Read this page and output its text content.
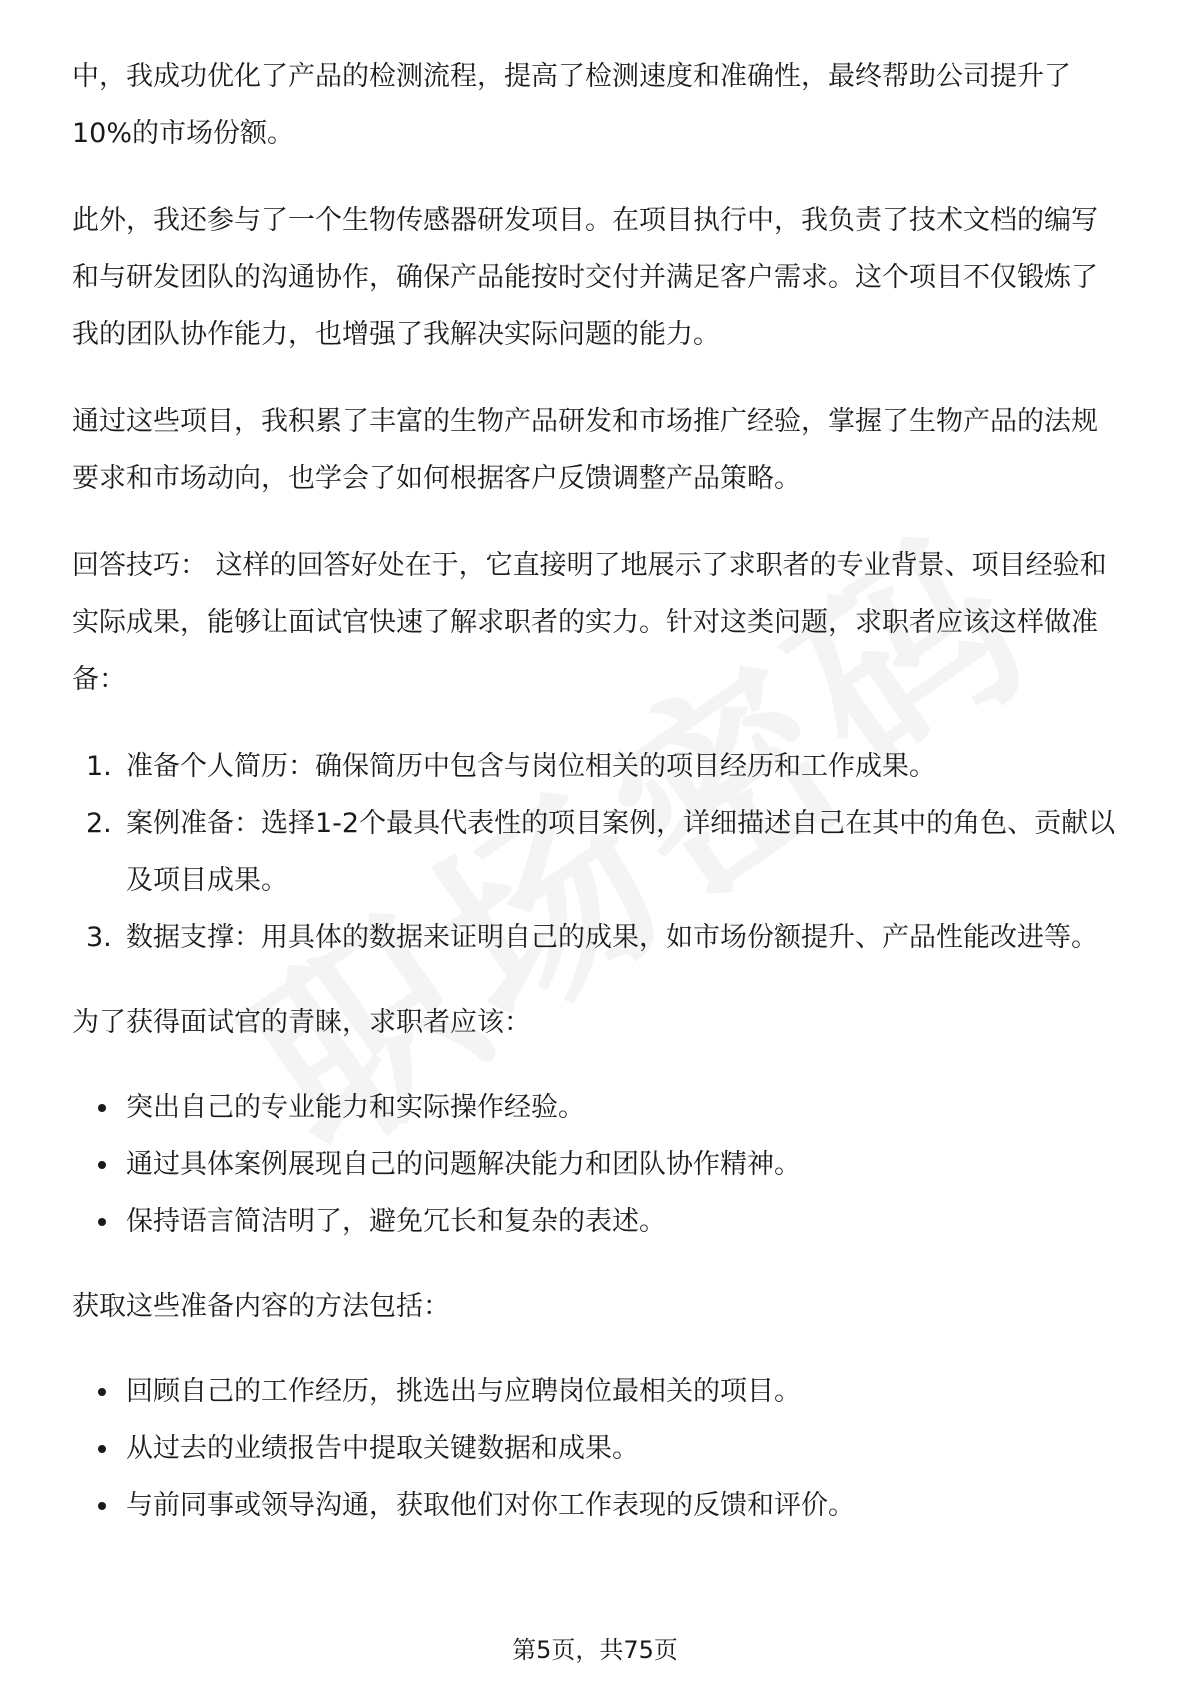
中，我成功优化了产品的检测流程，提高了检测速度和准确性，最终帮助公司提升了10%的市场份额。

此外，我还参与了一个生物传感器研发项目。在项目执行中，我负责了技术文档的编写和与研发团队的沟通协作，确保产品能按时交付并满足客户需求。这个项目不仅锻炼了我的团队协作能力，也增强了我解决实际问题的能力。

通过这些项目，我积累了丰富的生物产品研发和市场推广经验，掌握了生物产品的法规要求和市场动向，也学会了如何根据客户反馈调整产品策略。

回答技巧： 这样的回答好处在于，它直接明了地展示了求职者的专业背景、项目经验和实际成果，能够让面试官快速了解求职者的实力。针对这类问题，求职者应该这样做准备：

1. 准备个人简历：确保简历中包含与岗位相关的项目经历和工作成果。
2. 案例准备：选择1-2个最具代表性的项目案例，详细描述自己在其中的角色、贡献以及项目成果。
3. 数据支撑：用具体的数据来证明自己的成果，如市场份额提升、产品性能改进等。

为了获得面试官的青睐，求职者应该：

突出自己的专业能力和实际操作经验。
通过具体案例展现自己的问题解决能力和团队协作精神。
保持语言简洁明了，避免冗长和复杂的表述。

获取这些准备内容的方法包括：

回顾自己的工作经历，挑选出与应聘岗位最相关的项目。
从过去的业绩报告中提取关键数据和成果。
与前同事或领导沟通，获取他们对你工作表现的反馈和评价。
第5页，共75页
